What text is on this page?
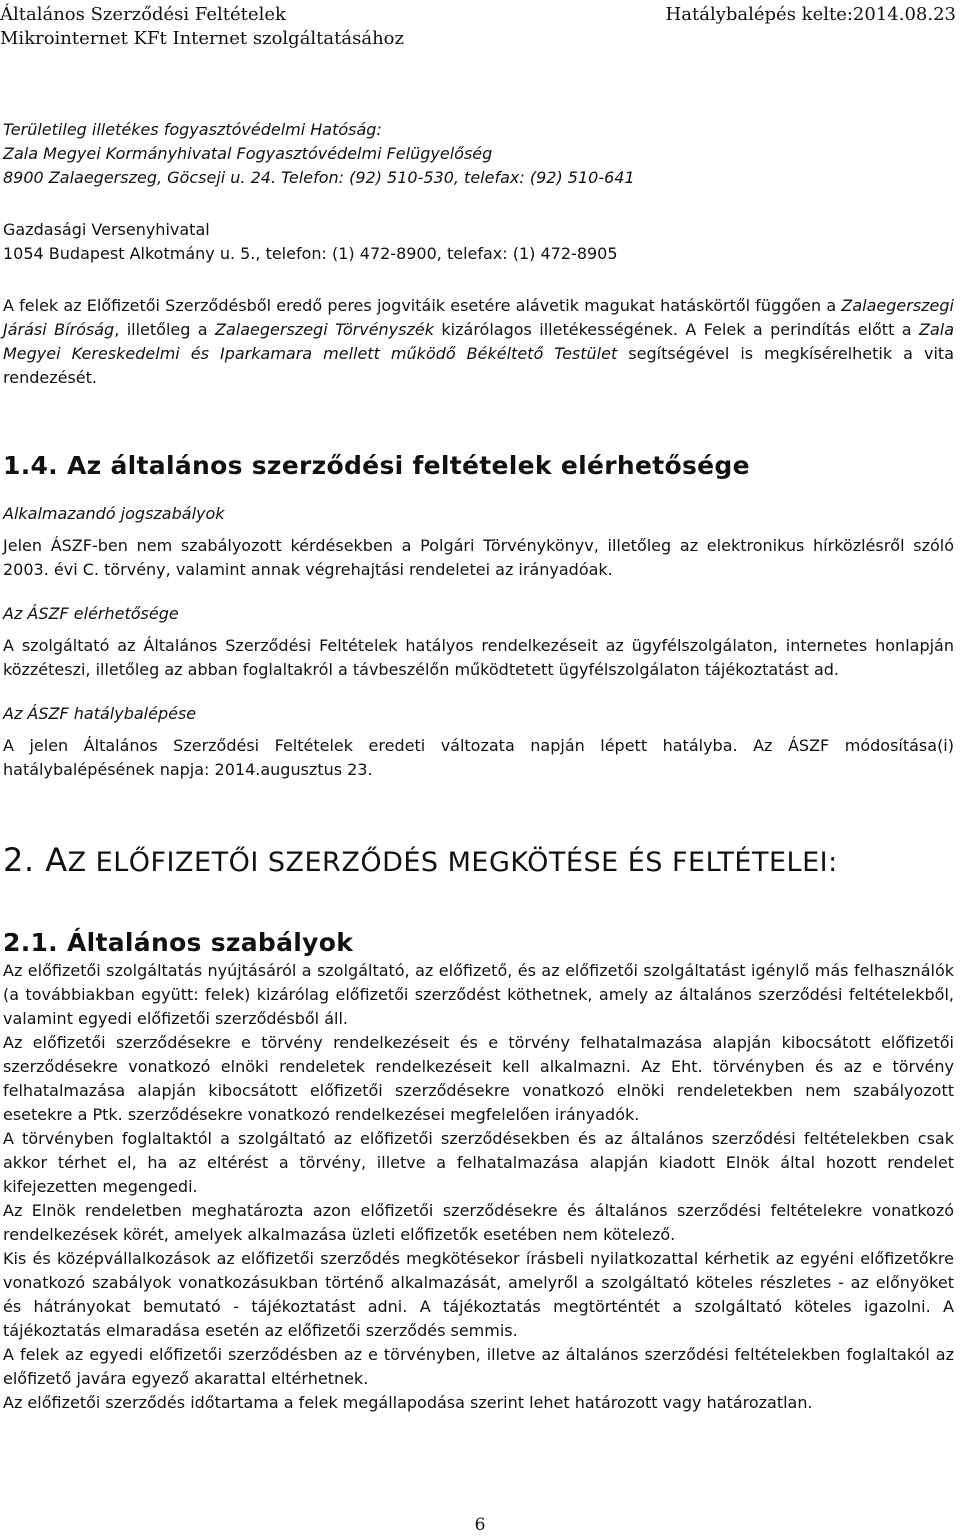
Általános Szerződési Feltételek
Mikrointernet KFt Internet szolgáltatásához
Hatálybalépés kelte:2014.08.23

Területileg illetékes fogyasztóvédelmi Hatóság:

Zala Megyei Kormányhivatal Fogyasztóvédelmi Felügyelőség

8900 Zalaegerszeg, Göcseji u. 24. Telefon: (92) 510-530, telefax: (92) 510-641

Gazdasági Versenyhivatal

1054 Budapest Alkotmány u. 5., telefon: (1) 472-8900, telefax: (1) 472-8905

A felek az Előfizetői Szerződésből eredő peres jogvitáik esetére alávetik magukat hatáskörtől függően a Zalaegerszegi Járási Bíróság, illetőleg a Zalaegerszegi Törvényszék kizárólagos illetékességének. A Felek a perindítás előtt a Zala Megyei Kereskedelmi és Iparkamara mellett működő Békéltető Testület segítségével is megkísérelhetik a vita rendezését.

1.4. Az általános szerződési feltételek elérhetősége

Alkalmazandó jogszabályok

Jelen ÁSZF-ben nem szabályozott kérdésekben a Polgári Törvénykönyv, illetőleg az elektronikus hírközlésről szóló 2003. évi C. törvény, valamint annak végrehajtási rendeletei az irányadóak.

Az ÁSZF elérhetősége

A szolgáltató az Általános Szerződési Feltételek hatályos rendelkezéseit az ügyfélszolgálaton, internetes honlapján közzéteszi, illetőleg az abban foglaltakról a távbeszélőn működtetett ügyfélszolgálaton tájékoztatást ad.

Az ÁSZF hatálybalépése

A jelen Általános Szerződési Feltételek eredeti változata napján lépett hatályba. Az ÁSZF módosítása(i) hatálybalépésének napja: 2014.augusztus 23.

2. AZ ELŐFIZETŐI SZERZŐDÉS MEGKÖTÉSE ÉS FELTÉTELEI:

2.1. Általános szabályok

Az előfizetői szolgáltatás nyújtásáról a szolgáltató, az előfizető, és az előfizetői szolgáltatást igénylő más felhasználók (a továbbiakban együtt: felek) kizárólag előfizetői szerződést köthetnek, amely az általános szerződési feltételekből, valamint egyedi előfizetői szerződésből áll.

Az előfizetői szerződésekre e törvény rendelkezéseit és e törvény felhatalmazása alapján kibocsátott előfizetői szerződésekre vonatkozó elnöki rendeletek rendelkezéseit kell alkalmazni. Az Eht. törvényben és az e törvény felhatalmazása alapján kibocsátott előfizetői szerződésekre vonatkozó elnöki rendeletekben nem szabályozott esetekre a Ptk. szerződésekre vonatkozó rendelkezései megfelelően irányadók.

A törvényben foglaltaktól a szolgáltató az előfizetői szerződésekben és az általános szerződési feltételekben csak akkor térhet el, ha az eltérést a törvény, illetve a felhatalmazása alapján kiadott Elnök által hozott rendelet kifejezetten megengedi.

Az Elnök rendeletben meghatározta azon előfizetői szerződésekre és általános szerződési feltételekre vonatkozó rendelkezések körét, amelyek alkalmazása üzleti előfizetők esetében nem kötelező.

Kis és középvállalkozások az előfizetői szerződés megkötésekor írásbeli nyilatkozattal kérhetik az egyéni előfizetőkre vonatkozó szabályok vonatkozásukban történő alkalmazását, amelyről a szolgáltató köteles részletes - az előnyöket és hátrányokat bemutató - tájékoztatást adni. A tájékoztatás megtörténtét a szolgáltató köteles igazolni. A tájékoztatás elmaradása esetén az előfizetői szerződés semmis.

A felek az egyedi előfizetői szerződésben az e törvényben, illetve az általános szerződési feltételekben foglaltakól az előfizető javára egyező akarattal eltérhetnek.

Az előfizetői szerződés időtartama a felek megállapodása szerint lehet határozott vagy határozatlan.

6
